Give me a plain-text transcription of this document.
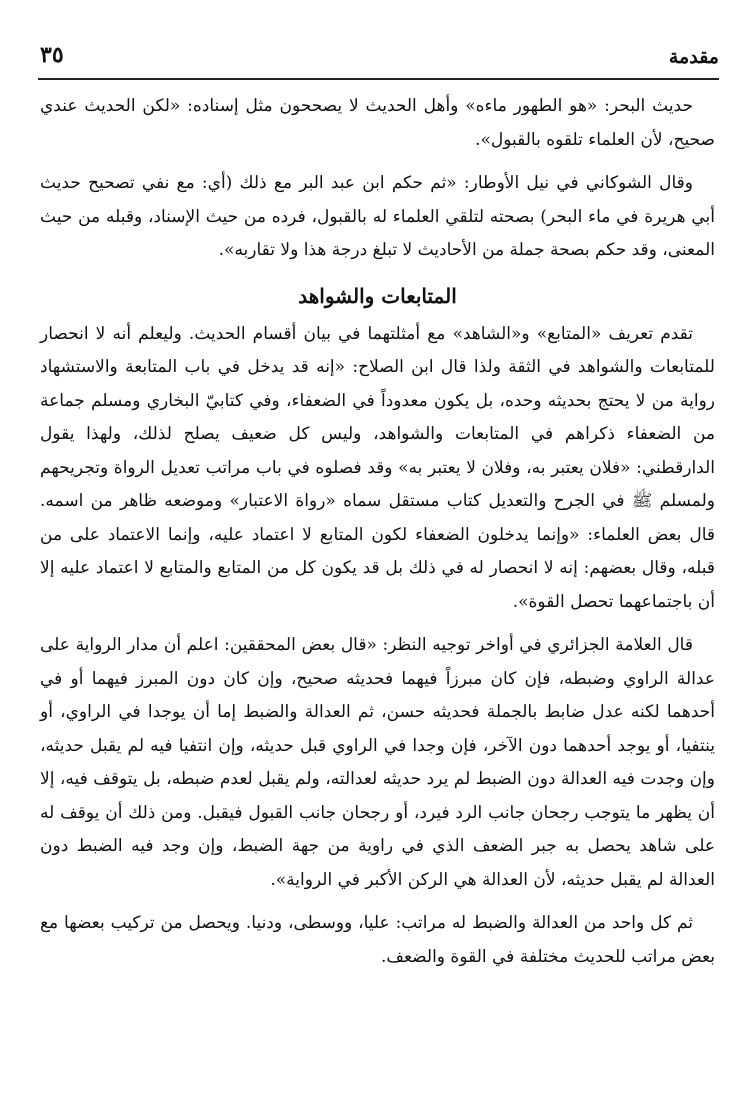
مقدمة
٣٥

حديث البحر: «هو الطهور ماءه» وأهل الحديث لا يصححون مثل إسناده: «لكن الحديث عندي صحيح، لأن العلماء تلقوه بالقبول».

وقال الشوكاني في نيل الأوطار: «ثم حكم ابن عبد البر مع ذلك (أي: مع نفي تصحيح حديث أبي هريرة في ماء البحر) بصحته لتلقي العلماء له بالقبول، فرده من حيث الإسناد، وقبله من حيث المعنى، وقد حكم بصحة جملة من الأحاديث لا تبلغ درجة هذا ولا تقاربه».

المتابعات والشواهد

تقدم تعريف «المتابع» و«الشاهد» مع أمثلتهما في بيان أقسام الحديث. وليعلم أنه لا انحصار للمتابعات والشواهد في الثقة ولذا قال ابن الصلاح: «إنه قد يدخل في باب المتابعة والاستشهاد رواية من لا يحتج بحديثه وحده، بل يكون معدوداً في الضعفاء، وفي كتابيّ البخاري ومسلم جماعة من الضعفاء ذكراهم في المتابعات والشواهد، وليس كل ضعيف يصلح لذلك، ولهذا يقول الدارقطني: «فلان يعتبر به، وفلان لا يعتبر به» وقد فصلوه في باب مراتب تعديل الرواة وتجريحهم ولمسلم ﷺ في الجرح والتعديل كتاب مستقل سماه «رواة الاعتبار» وموضعه ظاهر من اسمه. قال بعض العلماء: «وإنما يدخلون الضعفاء لكون المتابع لا اعتماد عليه، وإنما الاعتماد على من قبله، وقال بعضهم: إنه لا انحصار له في ذلك بل قد يكون كل من المتابع والمتابع لا اعتماد عليه إلا أن باجتماعهما تحصل القوة».

قال العلامة الجزائري في أواخر توجيه النظر: «قال بعض المحققين: اعلم أن مدار الرواية على عدالة الراوي وضبطه، فإن كان مبرزاً فيهما فحديثه صحيح، وإن كان دون المبرز فيهما أو في أحدهما لكنه عدل ضابط بالجملة فحديثه حسن، ثم العدالة والضبط إما أن يوجدا في الراوي، أو ينتفيا، أو يوجد أحدهما دون الآخر، فإن وجدا في الراوي قبل حديثه، وإن انتفيا فيه لم يقبل حديثه، وإن وجدت فيه العدالة دون الضبط لم يرد حديثه لعدالته، ولم يقبل لعدم ضبطه، بل يتوقف فيه، إلا أن يظهر ما يتوجب رجحان جانب الرد فيرد، أو رجحان جانب القبول فيقبل. ومن ذلك أن يوقف له على شاهد يحصل به جبر الضعف الذي في راوية من جهة الضبط، وإن وجد فيه الضبط دون العدالة لم يقبل حديثه، لأن العدالة هي الركن الأكبر في الرواية».

ثم كل واحد من العدالة والضبط له مراتب: عليا، ووسطى، ودنيا. ويحصل من تركيب بعضها مع بعض مراتب للحديث مختلفة في القوة والضعف.
